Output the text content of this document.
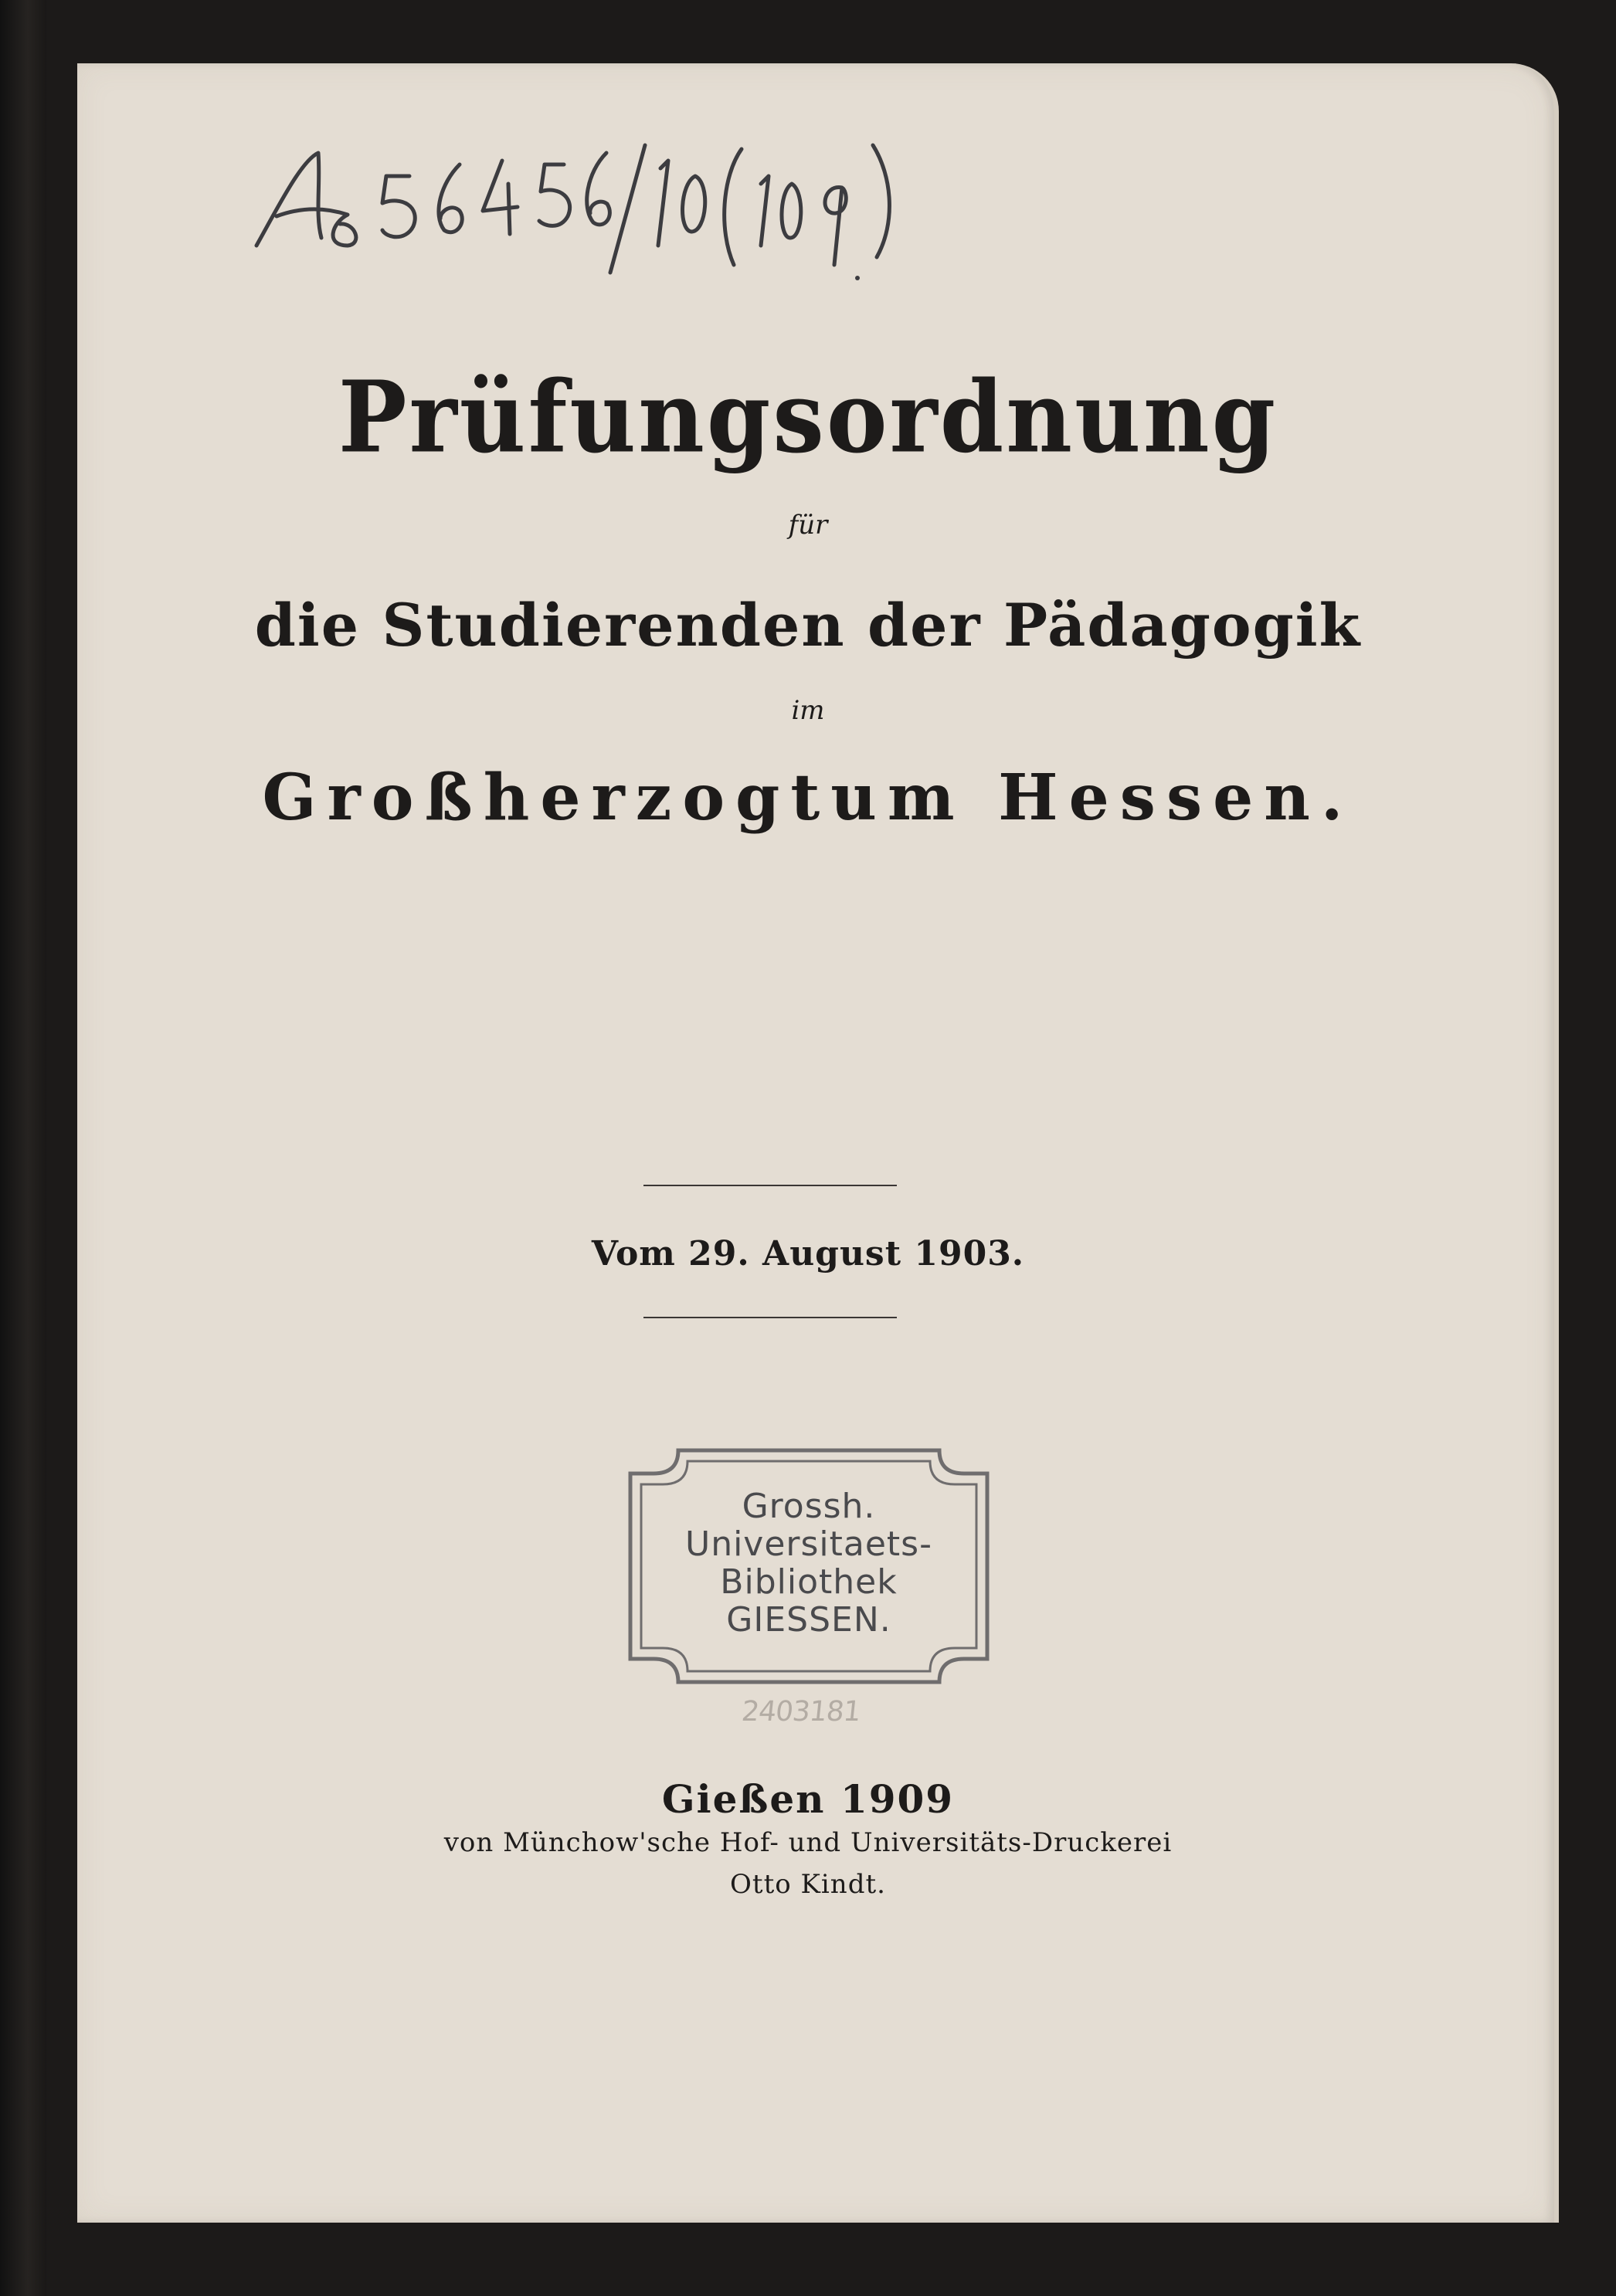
Prüfungsordnung
für
die Studierenden der Pädagogik
im
Großherzogtum Hessen.
Vom 29. August 1903.
Grossh.
Universitaets-
Bibliothek
GIESSEN.
2403181
Gießen 1909
von Münchow'sche Hof- und Universitäts-Druckerei
Otto Kindt.
